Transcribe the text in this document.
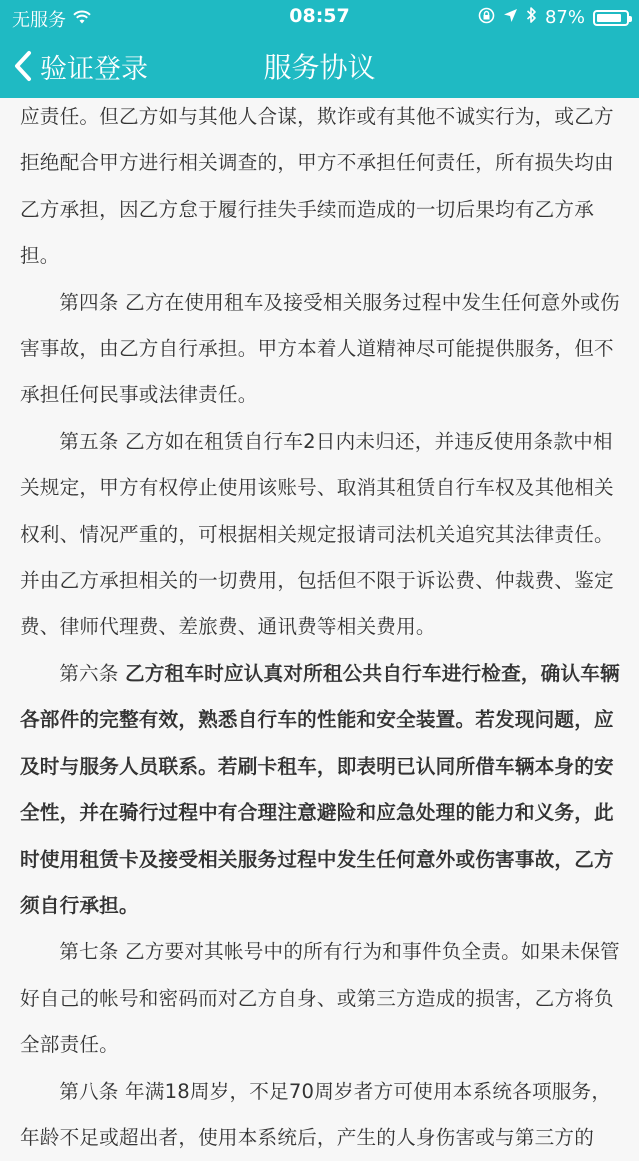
无服务	08:57	87%
验证登录	服务协议

应责任。但乙方如与其他人合谋，欺诈或有其他不诚实行为，或乙方拒绝配合甲方进行相关调查的，甲方不承担任何责任，所有损失均由乙方承担，因乙方怠于履行挂失手续而造成的一切后果均有乙方承担。

第四条 乙方在使用租车及接受相关服务过程中发生任何意外或伤害事故，由乙方自行承担。甲方本着人道精神尽可能提供服务，但不承担任何民事或法律责任。

第五条 乙方如在租赁自行车2日内未归还，并违反使用条款中相关规定，甲方有权停止使用该账号、取消其租赁自行车权及其他相关权利、情况严重的，可根据相关规定报请司法机关追究其法律责任。并由乙方承担相关的一切费用，包括但不限于诉讼费、仲裁费、鉴定费、律师代理费、差旅费、通讯费等相关费用。

第六条 乙方租车时应认真对所租公共自行车进行检查，确认车辆各部件的完整有效，熟悉自行车的性能和安全装置。若发现问题，应及时与服务人员联系。若刷卡租车，即表明已认同所借车辆本身的安全性，并在骑行过程中有合理注意避险和应急处理的能力和义务，此时使用租赁卡及接受相关服务过程中发生任何意外或伤害事故，乙方须自行承担。

第七条 乙方要对其帐号中的所有行为和事件负全责。如果未保管好自己的帐号和密码而对乙方自身、或第三方造成的损害，乙方将负全部责任。

第八条 年满18周岁，不足70周岁者方可使用本系统各项服务，年龄不足或超出者，使用本系统后，产生的人身伤害或与第三方的
